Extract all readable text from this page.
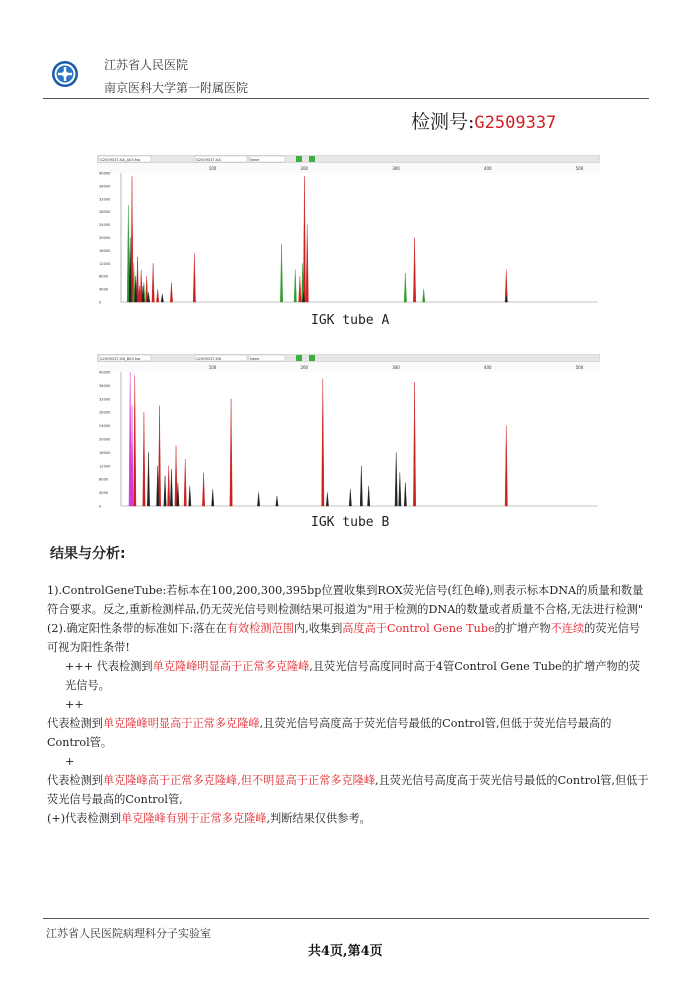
江苏省人民医院
南京医科大学第一附属医院
检测号:G2509337
G2509337-KA_A03.fsa	G2509337-KA	None
100	200	300	400	500
40000
36000
32000
28000
24000
20000
16000
12000
8000
4000
0
IGK tube A
G2509337-KB_B03.fsa	G2509337-KB	None
100	200	300	400	500
40000
36000
32000
28000
24000
20000
16000
12000
8000
4000
0
IGK tube B
结果与分析:
1).ControlGeneTube:若标本在100,200,300,395bp位置收集到ROX荧光信号(红色峰),则表示标本DNA的质量和数量符合要求。反之,重新检测样品,仍无荧光信号则检测结果可报道为"用于检测的DNA的数量或者质量不合格,无法进行检测"
(2).确定阳性条带的标准如下:落在在有效检测范围内,收集到高度高于Control Gene Tube的扩增产物不连续的荧光信号可视为阳性条带!
+++ 代表检测到单克隆峰明显高于正常多克隆峰,且荧光信号高度同时高于4管Control Gene Tube的扩增产物的荧光信号。
++
代表检测到单克隆峰明显高于正常多克隆峰,且荧光信号高度高于荧光信号最低的Control管,但低于荧光信号最高的Control管。
+
代表检测到单克隆峰高于正常多克隆峰,但不明显高于正常多克隆峰,且荧光信号高度高于荧光信号最低的Control管,但低于荧光信号最高的Control管,
(+)代表检测到单克隆峰有别于正常多克隆峰,判断结果仅供参考。
江苏省人民医院病理科分子实验室
共4页,第4页
